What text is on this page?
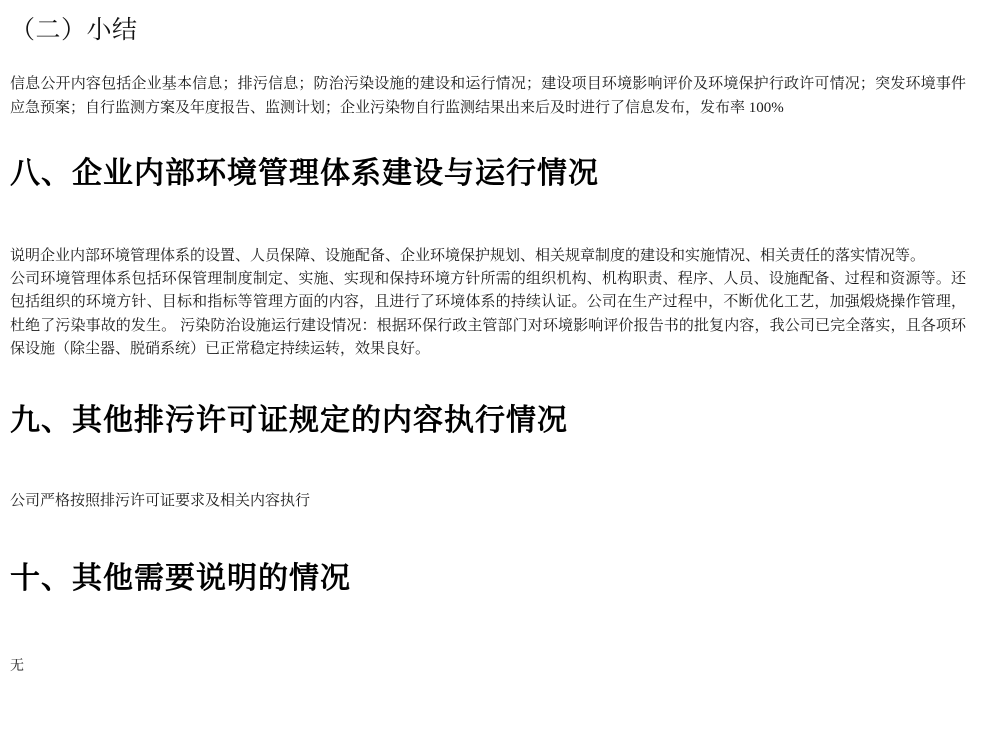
（二）小结

信息公开内容包括企业基本信息；排污信息；防治污染设施的建设和运行情况；建设项目环境影响评价及环境保护行政许可情况；突发环境事件应急预案；自行监测方案及年度报告、监测计划；企业污染物自行监测结果出来后及时进行了信息发布，发布率 100%

八、企业内部环境管理体系建设与运行情况

说明企业内部环境管理体系的设置、人员保障、设施配备、企业环境保护规划、相关规章制度的建设和实施情况、相关责任的落实情况等。

公司环境管理体系包括环保管理制度制定、实施、实现和保持环境方针所需的组织机构、机构职责、程序、人员、设施配备、过程和资源等。还包括组织的环境方针、目标和指标等管理方面的内容，且进行了环境体系的持续认证。公司在生产过程中，不断优化工艺，加强煅烧操作管理，杜绝了污染事故的发生。 污染防治设施运行建设情况：根据环保行政主管部门对环境影响评价报告书的批复内容，我公司已完全落实，且各项环保设施（除尘器、脱硝系统）已正常稳定持续运转，效果良好。

九、其他排污许可证规定的内容执行情况

公司严格按照排污许可证要求及相关内容执行

十、其他需要说明的情况

无
